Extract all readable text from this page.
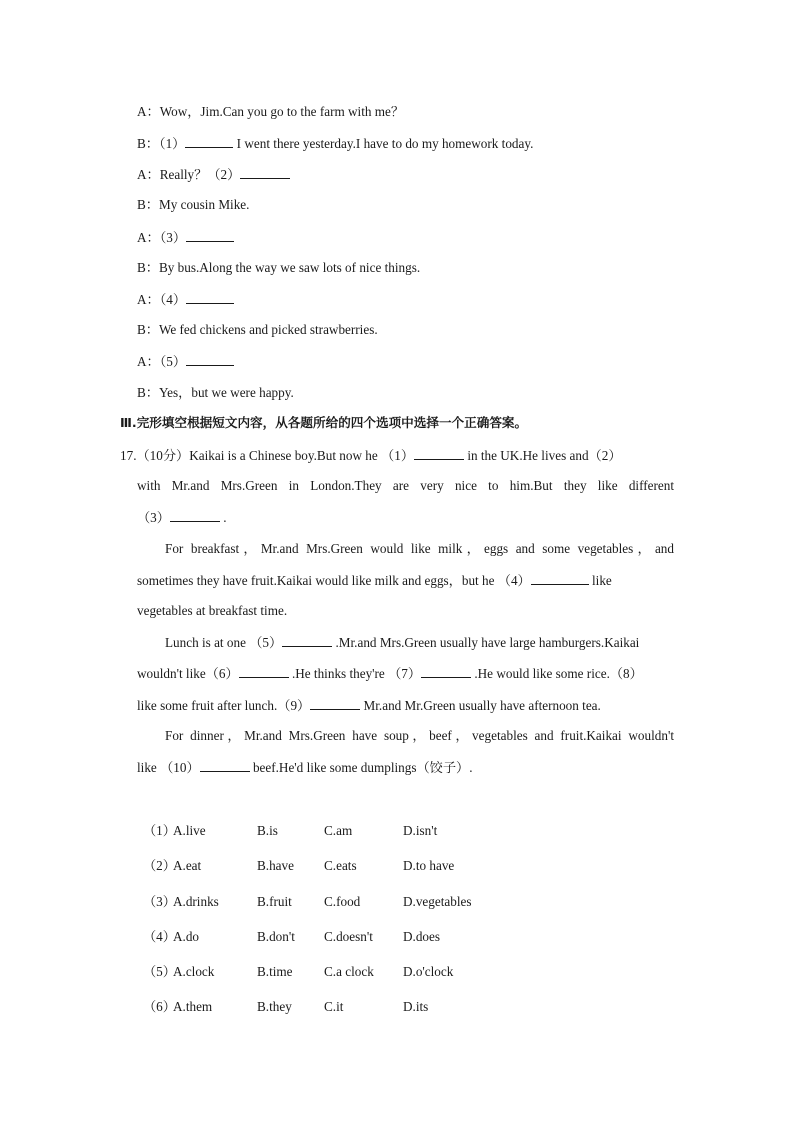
A：Wow，Jim.Can you go to the farm with me？
B：（1）	I went there yesterday.I have to do my homework today.
A：Really？（2）
B：My cousin Mike.
A：（3）
B：By bus.Along the way we saw lots of nice things.
A：（4）
B：We fed chickens and picked strawberries.
A：（5）
B：Yes，but we were happy.
Ⅲ.完形填空根据短文内容，从各题所给的四个选项中选择一个正确答案。
17.（10分）Kaikai is a Chinese boy.But now he （1）	in the UK.He lives and（2）
with Mr.and Mrs.Green in London.They are very nice to him.But they like different
（3）	.
For breakfast，Mr.and Mrs.Green would like milk，eggs and some vegetables，and
sometimes they have fruit.Kaikai would like milk and eggs，but he （4）	like
vegetables at breakfast time.
Lunch is at one （5）	.Mr.and Mrs.Green usually have large hamburgers.Kaikai
wouldn't like（6）	.He thinks they're （7）	.He would like some rice.（8）
like some fruit after lunch.（9）	Mr.and Mr.Green usually have afternoon tea.
For dinner，Mr.and Mrs.Green have soup，beef，vegetables and fruit.Kaikai wouldn't
like （10）	beef.He'd like some dumplings（饺子）.
（1）
A.live	B.is	C.am	D.isn't
（2）
A.eat	B.have C.eats	D.to have
（3）
A.drinks	B.fruit C.food	D.vegetables
（4）
A.do	B.don't C.doesn't D.does
（5）
A.clock	B.time C.a clock D.o'clock
（6）
A.them	B.they C.it	D.its
